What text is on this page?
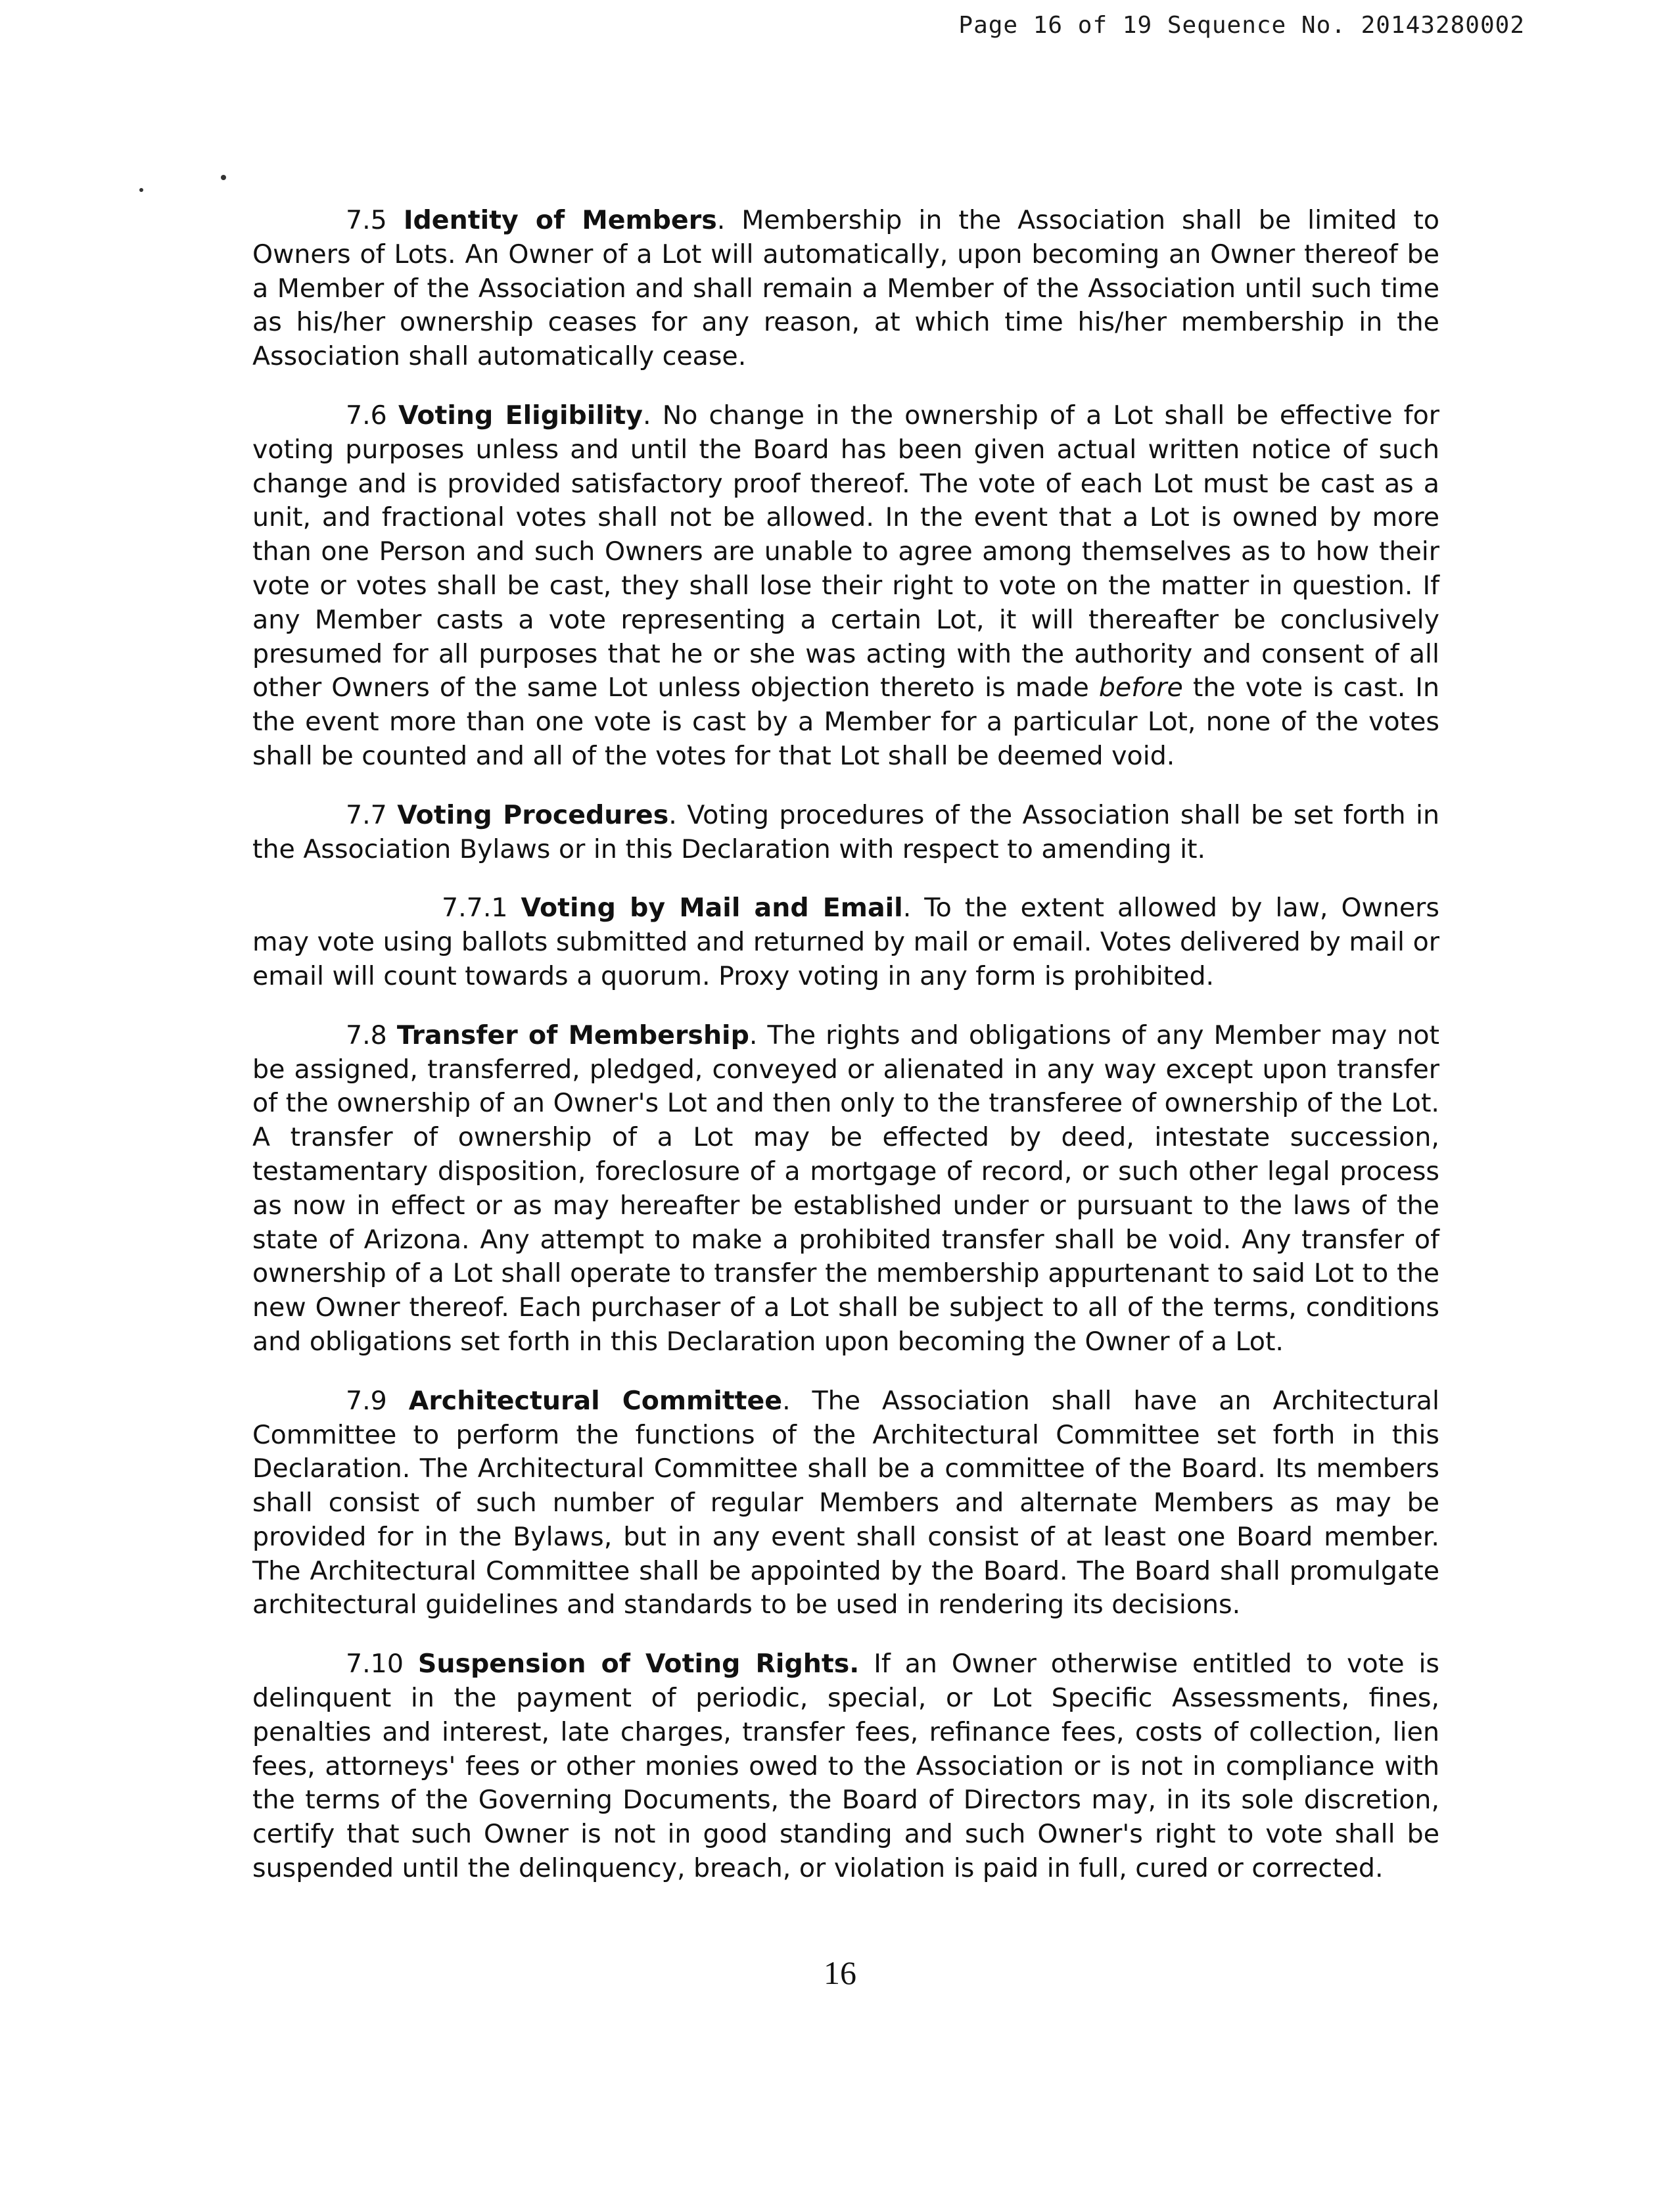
Page 16 of 19 Sequence No. 20143280002

7.5 Identity of Members. Membership in the Association shall be limited to Owners of Lots. An Owner of a Lot will automatically, upon becoming an Owner thereof be a Member of the Association and shall remain a Member of the Association until such time as his/her ownership ceases for any reason, at which time his/her membership in the Association shall automatically cease.

7.6 Voting Eligibility. No change in the ownership of a Lot shall be effective for voting purposes unless and until the Board has been given actual written notice of such change and is provided satisfactory proof thereof. The vote of each Lot must be cast as a unit, and fractional votes shall not be allowed. In the event that a Lot is owned by more than one Person and such Owners are unable to agree among themselves as to how their vote or votes shall be cast, they shall lose their right to vote on the matter in question. If any Member casts a vote representing a certain Lot, it will thereafter be conclusively presumed for all purposes that he or she was acting with the authority and consent of all other Owners of the same Lot unless objection thereto is made before the vote is cast. In the event more than one vote is cast by a Member for a particular Lot, none of the votes shall be counted and all of the votes for that Lot shall be deemed void.

7.7 Voting Procedures. Voting procedures of the Association shall be set forth in the Association Bylaws or in this Declaration with respect to amending it.

7.7.1 Voting by Mail and Email. To the extent allowed by law, Owners may vote using ballots submitted and returned by mail or email. Votes delivered by mail or email will count towards a quorum. Proxy voting in any form is prohibited.

7.8 Transfer of Membership. The rights and obligations of any Member may not be assigned, transferred, pledged, conveyed or alienated in any way except upon transfer of the ownership of an Owner's Lot and then only to the transferee of ownership of the Lot. A transfer of ownership of a Lot may be effected by deed, intestate succession, testamentary disposition, foreclosure of a mortgage of record, or such other legal process as now in effect or as may hereafter be established under or pursuant to the laws of the state of Arizona. Any attempt to make a prohibited transfer shall be void. Any transfer of ownership of a Lot shall operate to transfer the membership appurtenant to said Lot to the new Owner thereof. Each purchaser of a Lot shall be subject to all of the terms, conditions and obligations set forth in this Declaration upon becoming the Owner of a Lot.

7.9 Architectural Committee. The Association shall have an Architectural Committee to perform the functions of the Architectural Committee set forth in this Declaration. The Architectural Committee shall be a committee of the Board. Its members shall consist of such number of regular Members and alternate Members as may be provided for in the Bylaws, but in any event shall consist of at least one Board member. The Architectural Committee shall be appointed by the Board. The Board shall promulgate architectural guidelines and standards to be used in rendering its decisions.

7.10 Suspension of Voting Rights. If an Owner otherwise entitled to vote is delinquent in the payment of periodic, special, or Lot Specific Assessments, fines, penalties and interest, late charges, transfer fees, refinance fees, costs of collection, lien fees, attorneys' fees or other monies owed to the Association or is not in compliance with the terms of the Governing Documents, the Board of Directors may, in its sole discretion, certify that such Owner is not in good standing and such Owner's right to vote shall be suspended until the delinquency, breach, or violation is paid in full, cured or corrected.

16
